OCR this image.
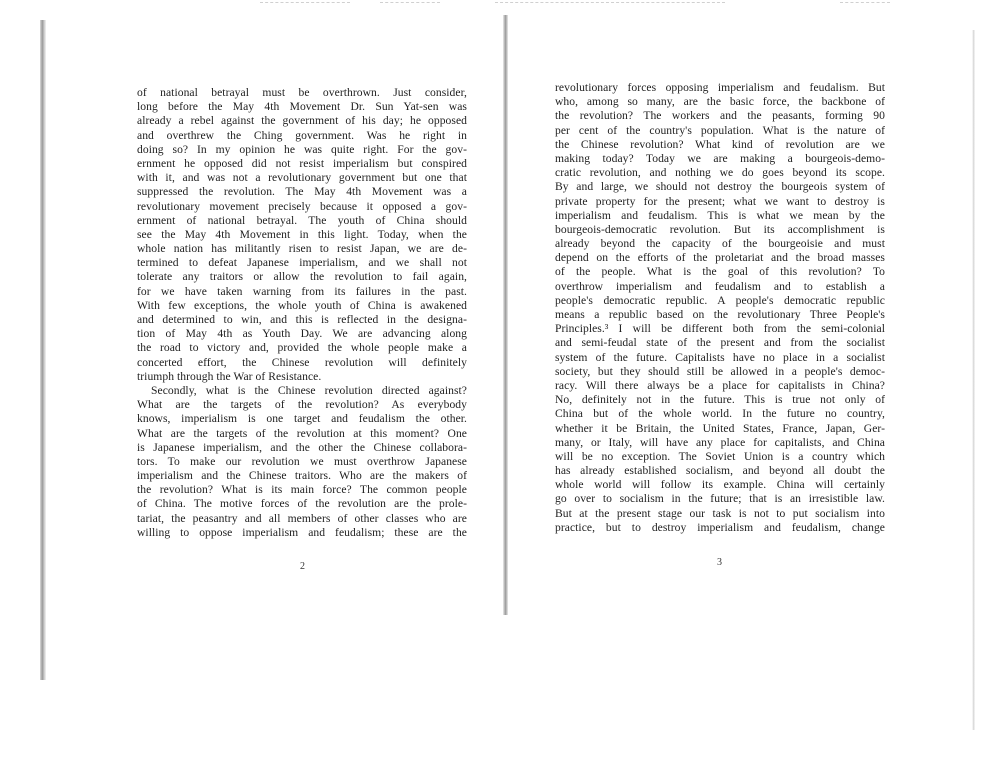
of national betrayal must be overthrown. Just consider,
long before the May 4th Movement Dr. Sun Yat-sen was
already a rebel against the government of his day; he opposed
and overthrew the Ching government. Was he right in
doing so? In my opinion he was quite right. For the gov-
ernment he opposed did not resist imperialism but conspired
with it, and was not a revolutionary government but one that
suppressed the revolution. The May 4th Movement was a
revolutionary movement precisely because it opposed a gov-
ernment of national betrayal. The youth of China should
see the May 4th Movement in this light. Today, when the
whole nation has militantly risen to resist Japan, we are de-
termined to defeat Japanese imperialism, and we shall not
tolerate any traitors or allow the revolution to fail again,
for we have taken warning from its failures in the past.
With few exceptions, the whole youth of China is awakened
and determined to win, and this is reflected in the designa-
tion of May 4th as Youth Day. We are advancing along
the road to victory and, provided the whole people make a
concerted effort, the Chinese revolution will definitely
triumph through the War of Resistance.
Secondly, what is the Chinese revolution directed against?
What are the targets of the revolution? As everybody
knows, imperialism is one target and feudalism the other.
What are the targets of the revolution at this moment? One
is Japanese imperialism, and the other the Chinese collabora-
tors. To make our revolution we must overthrow Japanese
imperialism and the Chinese traitors. Who are the makers of
the revolution? What is its main force? The common people
of China. The motive forces of the revolution are the prole-
tariat, the peasantry and all members of other classes who are
willing to oppose imperialism and feudalism; these are the
2
revolutionary forces opposing imperialism and feudalism. But
who, among so many, are the basic force, the backbone of
the revolution? The workers and the peasants, forming 90
per cent of the country's population. What is the nature of
the Chinese revolution? What kind of revolution are we
making today? Today we are making a bourgeois-demo-
cratic revolution, and nothing we do goes beyond its scope.
By and large, we should not destroy the bourgeois system of
private property for the present; what we want to destroy is
imperialism and feudalism. This is what we mean by the
bourgeois-democratic revolution. But its accomplishment is
already beyond the capacity of the bourgeoisie and must
depend on the efforts of the proletariat and the broad masses
of the people. What is the goal of this revolution? To
overthrow imperialism and feudalism and to establish a
people's democratic republic. A people's democratic republic
means a republic based on the revolutionary Three People's
Principles.³ I will be different both from the semi-colonial
and semi-feudal state of the present and from the socialist
system of the future. Capitalists have no place in a socialist
society, but they should still be allowed in a people's democ-
racy. Will there always be a place for capitalists in China?
No, definitely not in the future. This is true not only of
China but of the whole world. In the future no country,
whether it be Britain, the United States, France, Japan, Ger-
many, or Italy, will have any place for capitalists, and China
will be no exception. The Soviet Union is a country which
has already established socialism, and beyond all doubt the
whole world will follow its example. China will certainly
go over to socialism in the future; that is an irresistible law.
But at the present stage our task is not to put socialism into
practice, but to destroy imperialism and feudalism, change
3
